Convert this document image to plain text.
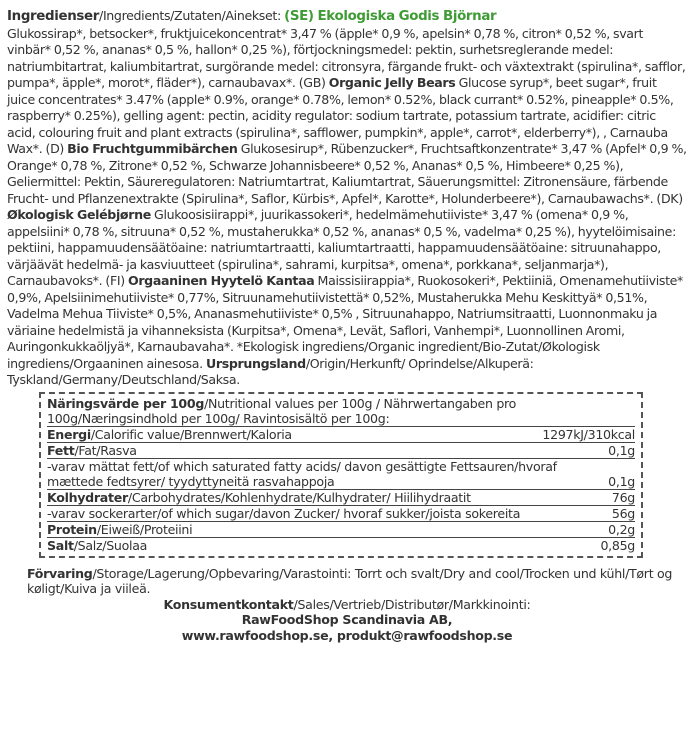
Ingredienser/Ingredients/Zutaten/Ainekset: (SE) Ekologiska Godis Björnar
Glukossirap*, betsocker*, fruktjuicekoncentrat* 3,47 % (äpple* 0,9 %, apelsin* 0,78 %, citron* 0,52 %, svart vinbär* 0,52 %, ananas* 0,5 %, hallon* 0,25 %), förtjockningsmedel: pektin, surhetsreglerande medel: natriumbitartrat, kaliumbitartrat, surgörande medel: citronsyra, färgande frukt- och växtextrakt (spirulina*, safflor, pumpa*, äpple*, morot*, fläder*), carnaubavax*. (GB) Organic Jelly Bears Glucose syrup*, beet sugar*, fruit juice concentrates* 3.47% (apple* 0.9%, orange* 0.78%, lemon* 0.52%, black currant* 0.52%, pineapple* 0.5%, raspberry* 0.25%), gelling agent: pectin, acidity regulator: sodium tartrate, potassium tartrate, acidifier: citric acid, colouring fruit and plant extracts (spirulina*, safflower, pumpkin*, apple*, carrot*, elderberry*), , Carnauba Wax*. (D) Bio Fruchtgummibärchen Glukosesirup*, Rübenzucker*, Fruchtsaftkonzentrate* 3,47 % (Apfel* 0,9 %, Orange* 0,78 %, Zitrone* 0,52 %, Schwarze Johannisbeere* 0,52 %, Ananas* 0,5 %, Himbeere* 0,25 %), Geliermittel: Pektin, Säureregulatoren: Natriumtartrat, Kaliumtartrat, Säuerungsmittel: Zitronensäure, färbende Frucht- und Pflanzenextrakte (Spirulina*, Saflor, Kürbis*, Apfel*, Karotte*, Holunderbeere*), Carnaubawachs*. (DK) Økologisk Gelébjørne Glukoosisiirappi*, juurikassokeri*, hedelmämehutiiviste* 3,47 % (omena* 0,9 %, appelsiini* 0,78 %, sitruuna* 0,52 %, mustaherukka* 0,52 %, ananas* 0,5 %, vadelma* 0,25 %), hyytelöimisaine: pektiini, happamuudensäätöaine: natriumtartraatti, kaliumtartraatti, happamuudensäätöaine: sitruunahappo, värjäävät hedelmä- ja kasviuutteet (spirulina*, sahrami, kurpitsa*, omena*, porkkana*, seljanmarja*), Carnaubavoks*. (FI) Orgaaninen Hyytelö Kantaa Maissisiirappia*, Ruokosokeri*, Pektiiniä, Omenamehutiiviste* 0,9%, Apelsiinimehutiiviste* 0,77%, Sitruunamehutiivistettä* 0,52%, Mustaherukka Mehu Keskittyä* 0,51%, Vadelma Mehua Tiiviste* 0,5%, Ananasmehutiiviste* 0,5% , Sitruunahappo, Natriumsitraatti, Luonnonmaku ja väriaine hedelmistä ja vihanneksista (Kurpitsa*, Omena*, Levät, Saflori, Vanhempi*, Luonnollinen Aromi, Auringonkukkaöljyä*, Karnaubavaha*. *Ekologisk ingrediens/Organic ingredient/Bio-Zutat/Økologisk ingrediens/Orgaaninen ainesosa. Ursprungsland/Origin/Herkunft/ Oprindelse/Alkuperä: Tyskland/Germany/Deutschland/Saksa.

Näringsvärde per 100g/Nutritional values per 100g / Nährwertangaben pro 100g/Næringsindhold per 100g/ Ravintosisältö per 100g:
Energi/Calorific value/Brennwert/Kaloria	1297kJ/310kcal
Fett/Fat/Rasva	0,1g
-varav mättat fett/of which saturated fatty acids/ davon gesättigte Fettsauren/hvoraf mættede fedtsyrer/ tyydyttyneitä rasvahappoja	0,1g
Kolhydrater/Carbohydrates/Kohlenhydrate/Kulhydrater/ Hiilihydraatit	76g
-varav sockerarter/of which sugar/davon Zucker/ hvoraf sukker/joista sokereita	56g
Protein/Eiweiß/Proteiini	0,2g
Salt/Salz/Suolaa	0,85g

Förvaring/Storage/Lagerung/Opbevaring/Varastointi: Torrt och svalt/Dry and cool/Trocken und kühl/Tørt og køligt/Kuiva ja viileä.

Konsumentkontakt/Sales/Vertrieb/Distributør/Markkinointi:
RawFoodShop Scandinavia AB,
www.rawfoodshop.se, produkt@rawfoodshop.se
